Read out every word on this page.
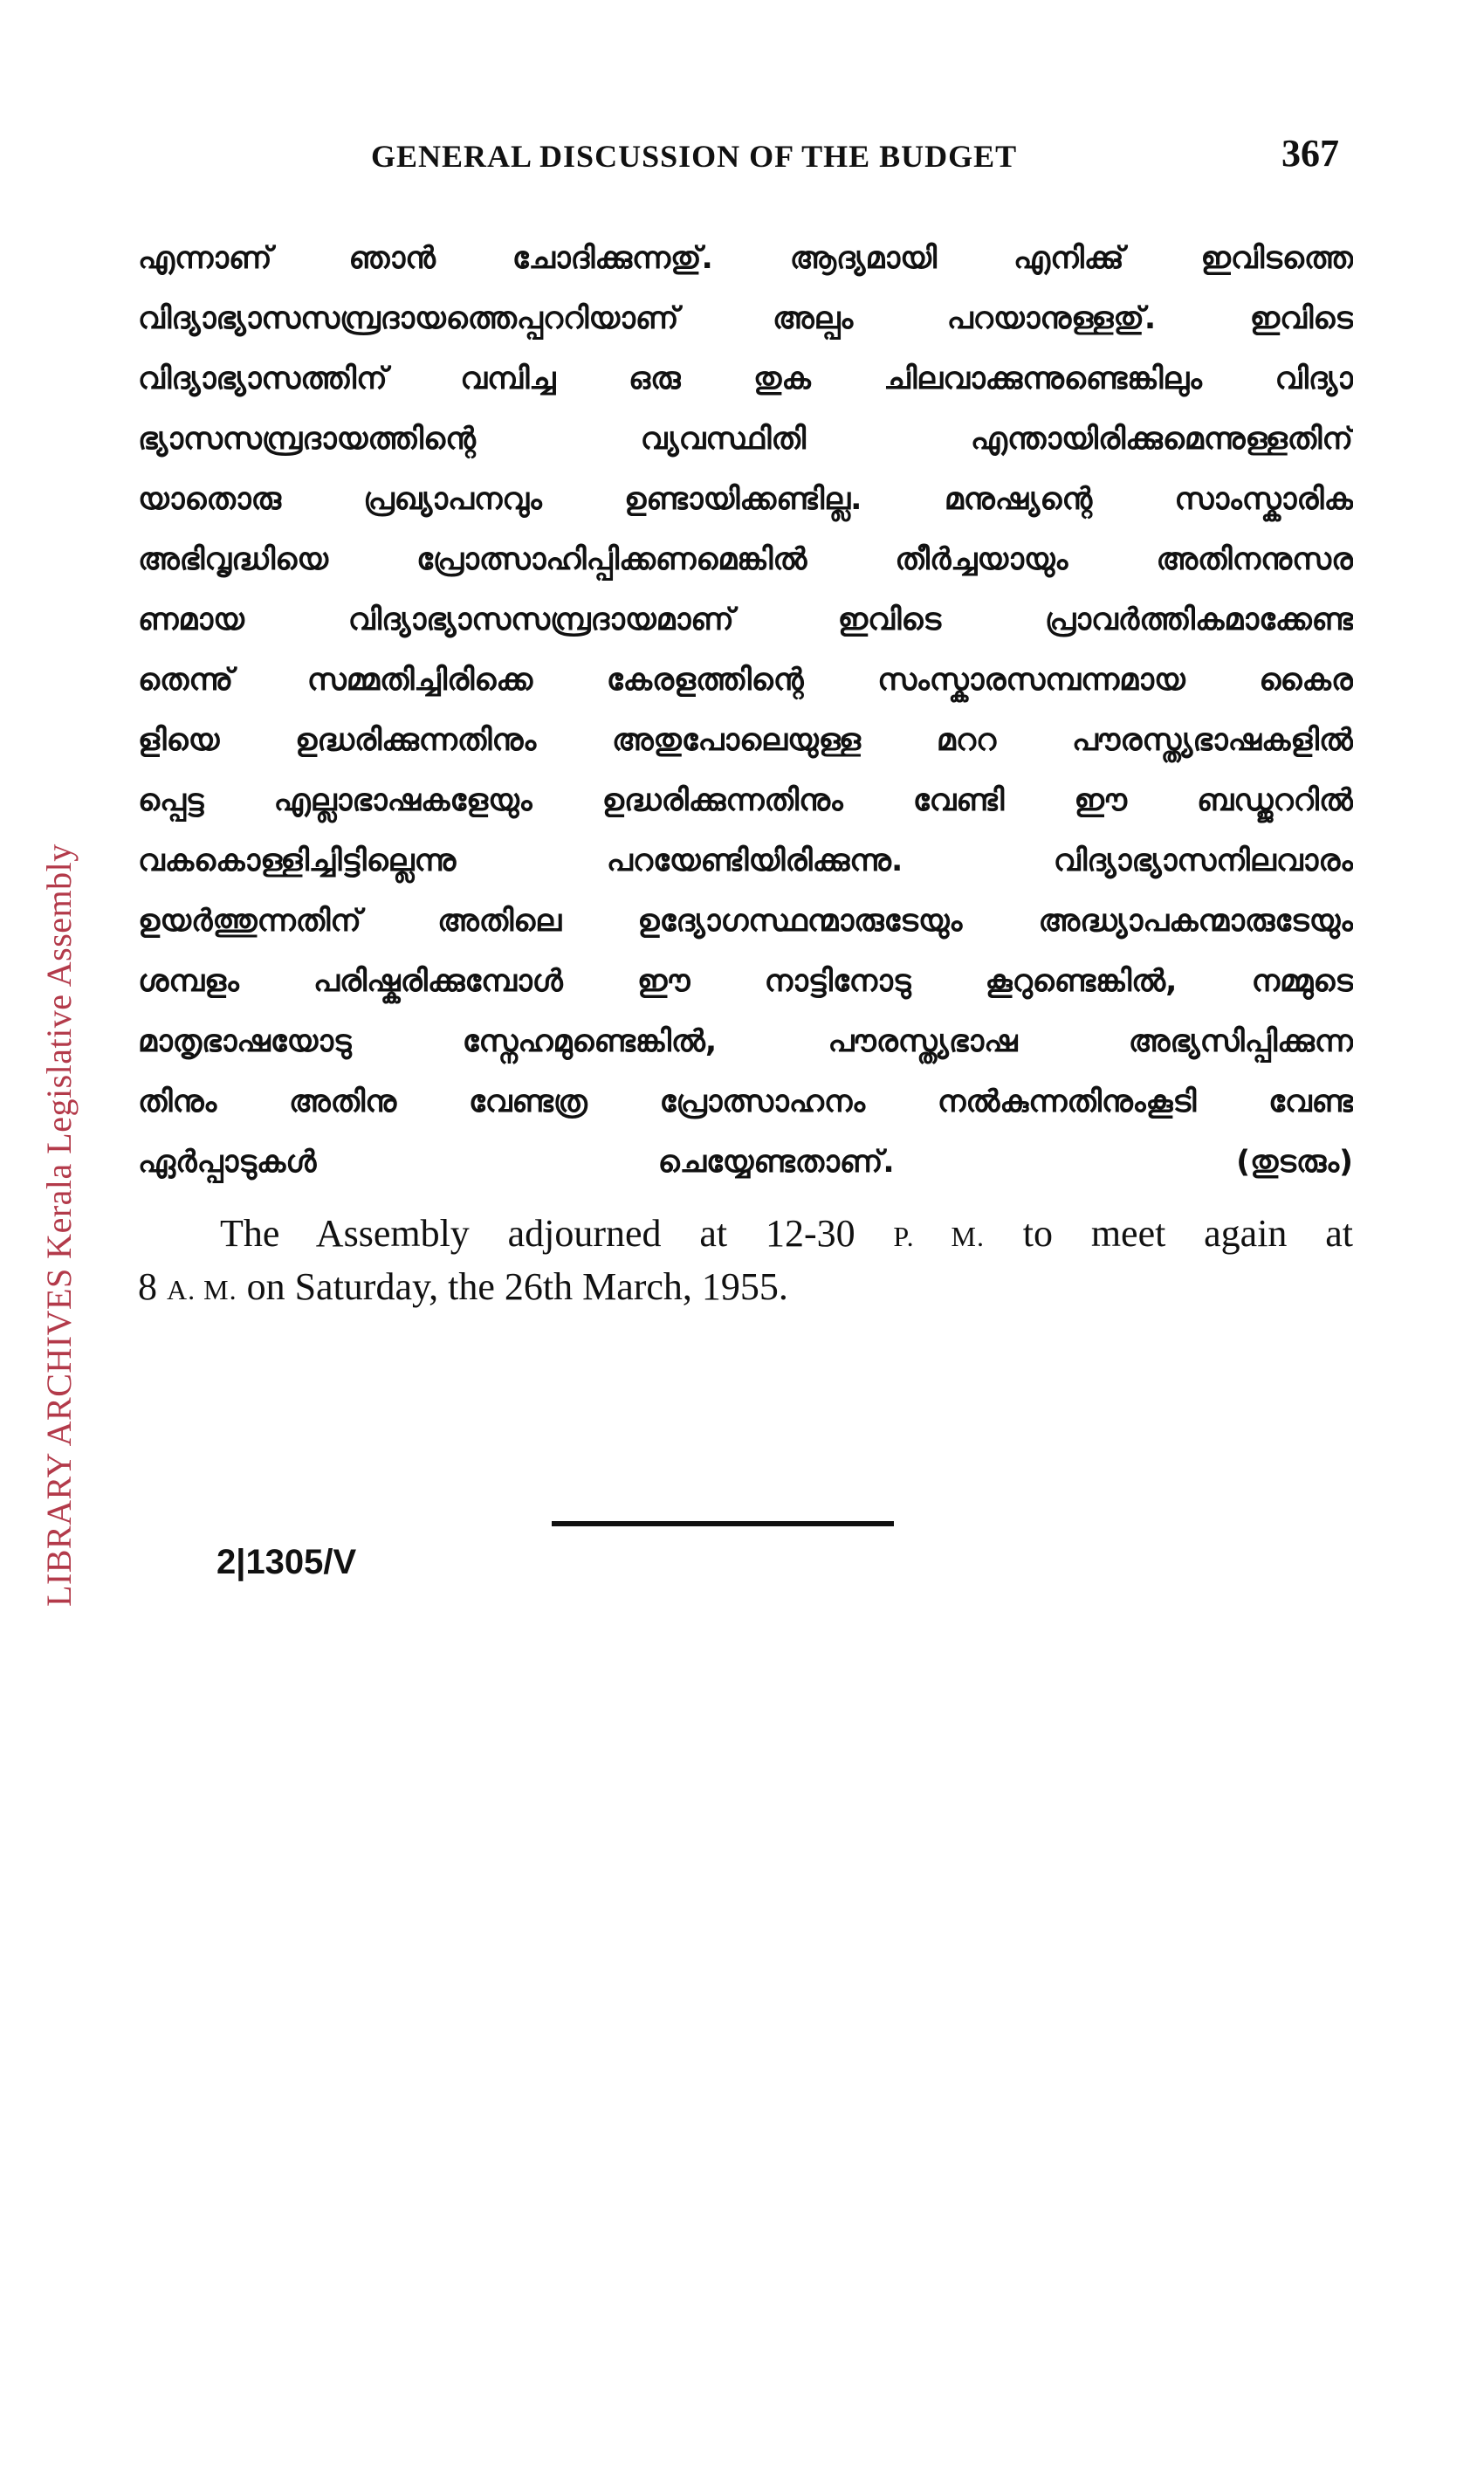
LIBRARY ARCHIVES Kerala Legislative Assembly
GENERAL DISCUSSION OF THE BUDGET	367
എന്നാണ് ഞാൻ ചോദിക്കുന്നതു്. ആദ്യമായി എനിക്കു് ഇവിടത്തെ
വിദ്യാഭ്യാസസമ്പ്രദായത്തെപ്പററിയാണ് അല്പം പറയാനുള്ളതു്. ഇവിടെ
വിദ്യാഭ്യാസത്തിന് വമ്പിച്ച ഒരു തുക ചിലവാക്കുന്നുണ്ടെങ്കിലും വിദ്യാ
ഭ്യാസസമ്പ്രദായത്തിന്റെ വ്യവസ്ഥിതി എന്തായിരിക്കുമെന്നുള്ളതിന്
യാതൊരു പ്രഖ്യാപനവും ഉണ്ടായിക്കണ്ടില്ല. മനുഷ്യന്റെ സാംസ്കാരിക
അഭിവൃദ്ധിയെ പ്രോത്സാഹിപ്പിക്കണമെങ്കിൽ തീർച്ചയായും അതിനനുസര
ണമായ വിദ്യാഭ്യാസസമ്പ്രദായമാണ് ഇവിടെ പ്രാവർത്തികമാക്കേണ്ട
തെന്നു് സമ്മതിച്ചിരിക്കെ കേരളത്തിന്റെ സംസ്കാരസമ്പന്നമായ കൈര
ളിയെ ഉദ്ധരിക്കുന്നതിനും അതുപോലെയുള്ള മററ പൗരസ്ത്യഭാഷകളിൽ
പ്പെട്ട എല്ലാഭാഷകളേയും ഉദ്ധരിക്കുന്നതിനും വേണ്ടി ഈ ബഡ്ജററിൽ
വകകൊള്ളിച്ചിട്ടില്ലെന്നു പറയേണ്ടിയിരിക്കുന്നു. വിദ്യാഭ്യാസനിലവാരം
ഉയർത്തുന്നതിന് അതിലെ ഉദ്യോഗസ്ഥന്മാരുടേയും അദ്ധ്യാപകന്മാരുടേയും
ശമ്പളം പരിഷ്കരിക്കുമ്പോൾ ഈ നാട്ടിനോടു കൂറുണ്ടെങ്കിൽ, നമ്മുടെ
മാതൃഭാഷയോടു സ്നേഹമുണ്ടെങ്കിൽ, പൗരസ്ത്യഭാഷ അഭ്യസിപ്പിക്കുന്ന
തിനും അതിനു വേണ്ടത്ര പ്രോത്സാഹനം നൽകുന്നതിനുംകൂടി വേണ്ട
ഏർപ്പാടുകൾ ചെയ്യേണ്ടതാണ്. (തുടരും)
The Assembly adjourned at 12-30 P. M. to meet again at
8 A. M. on Saturday, the 26th March, 1955.
2|1305/V
